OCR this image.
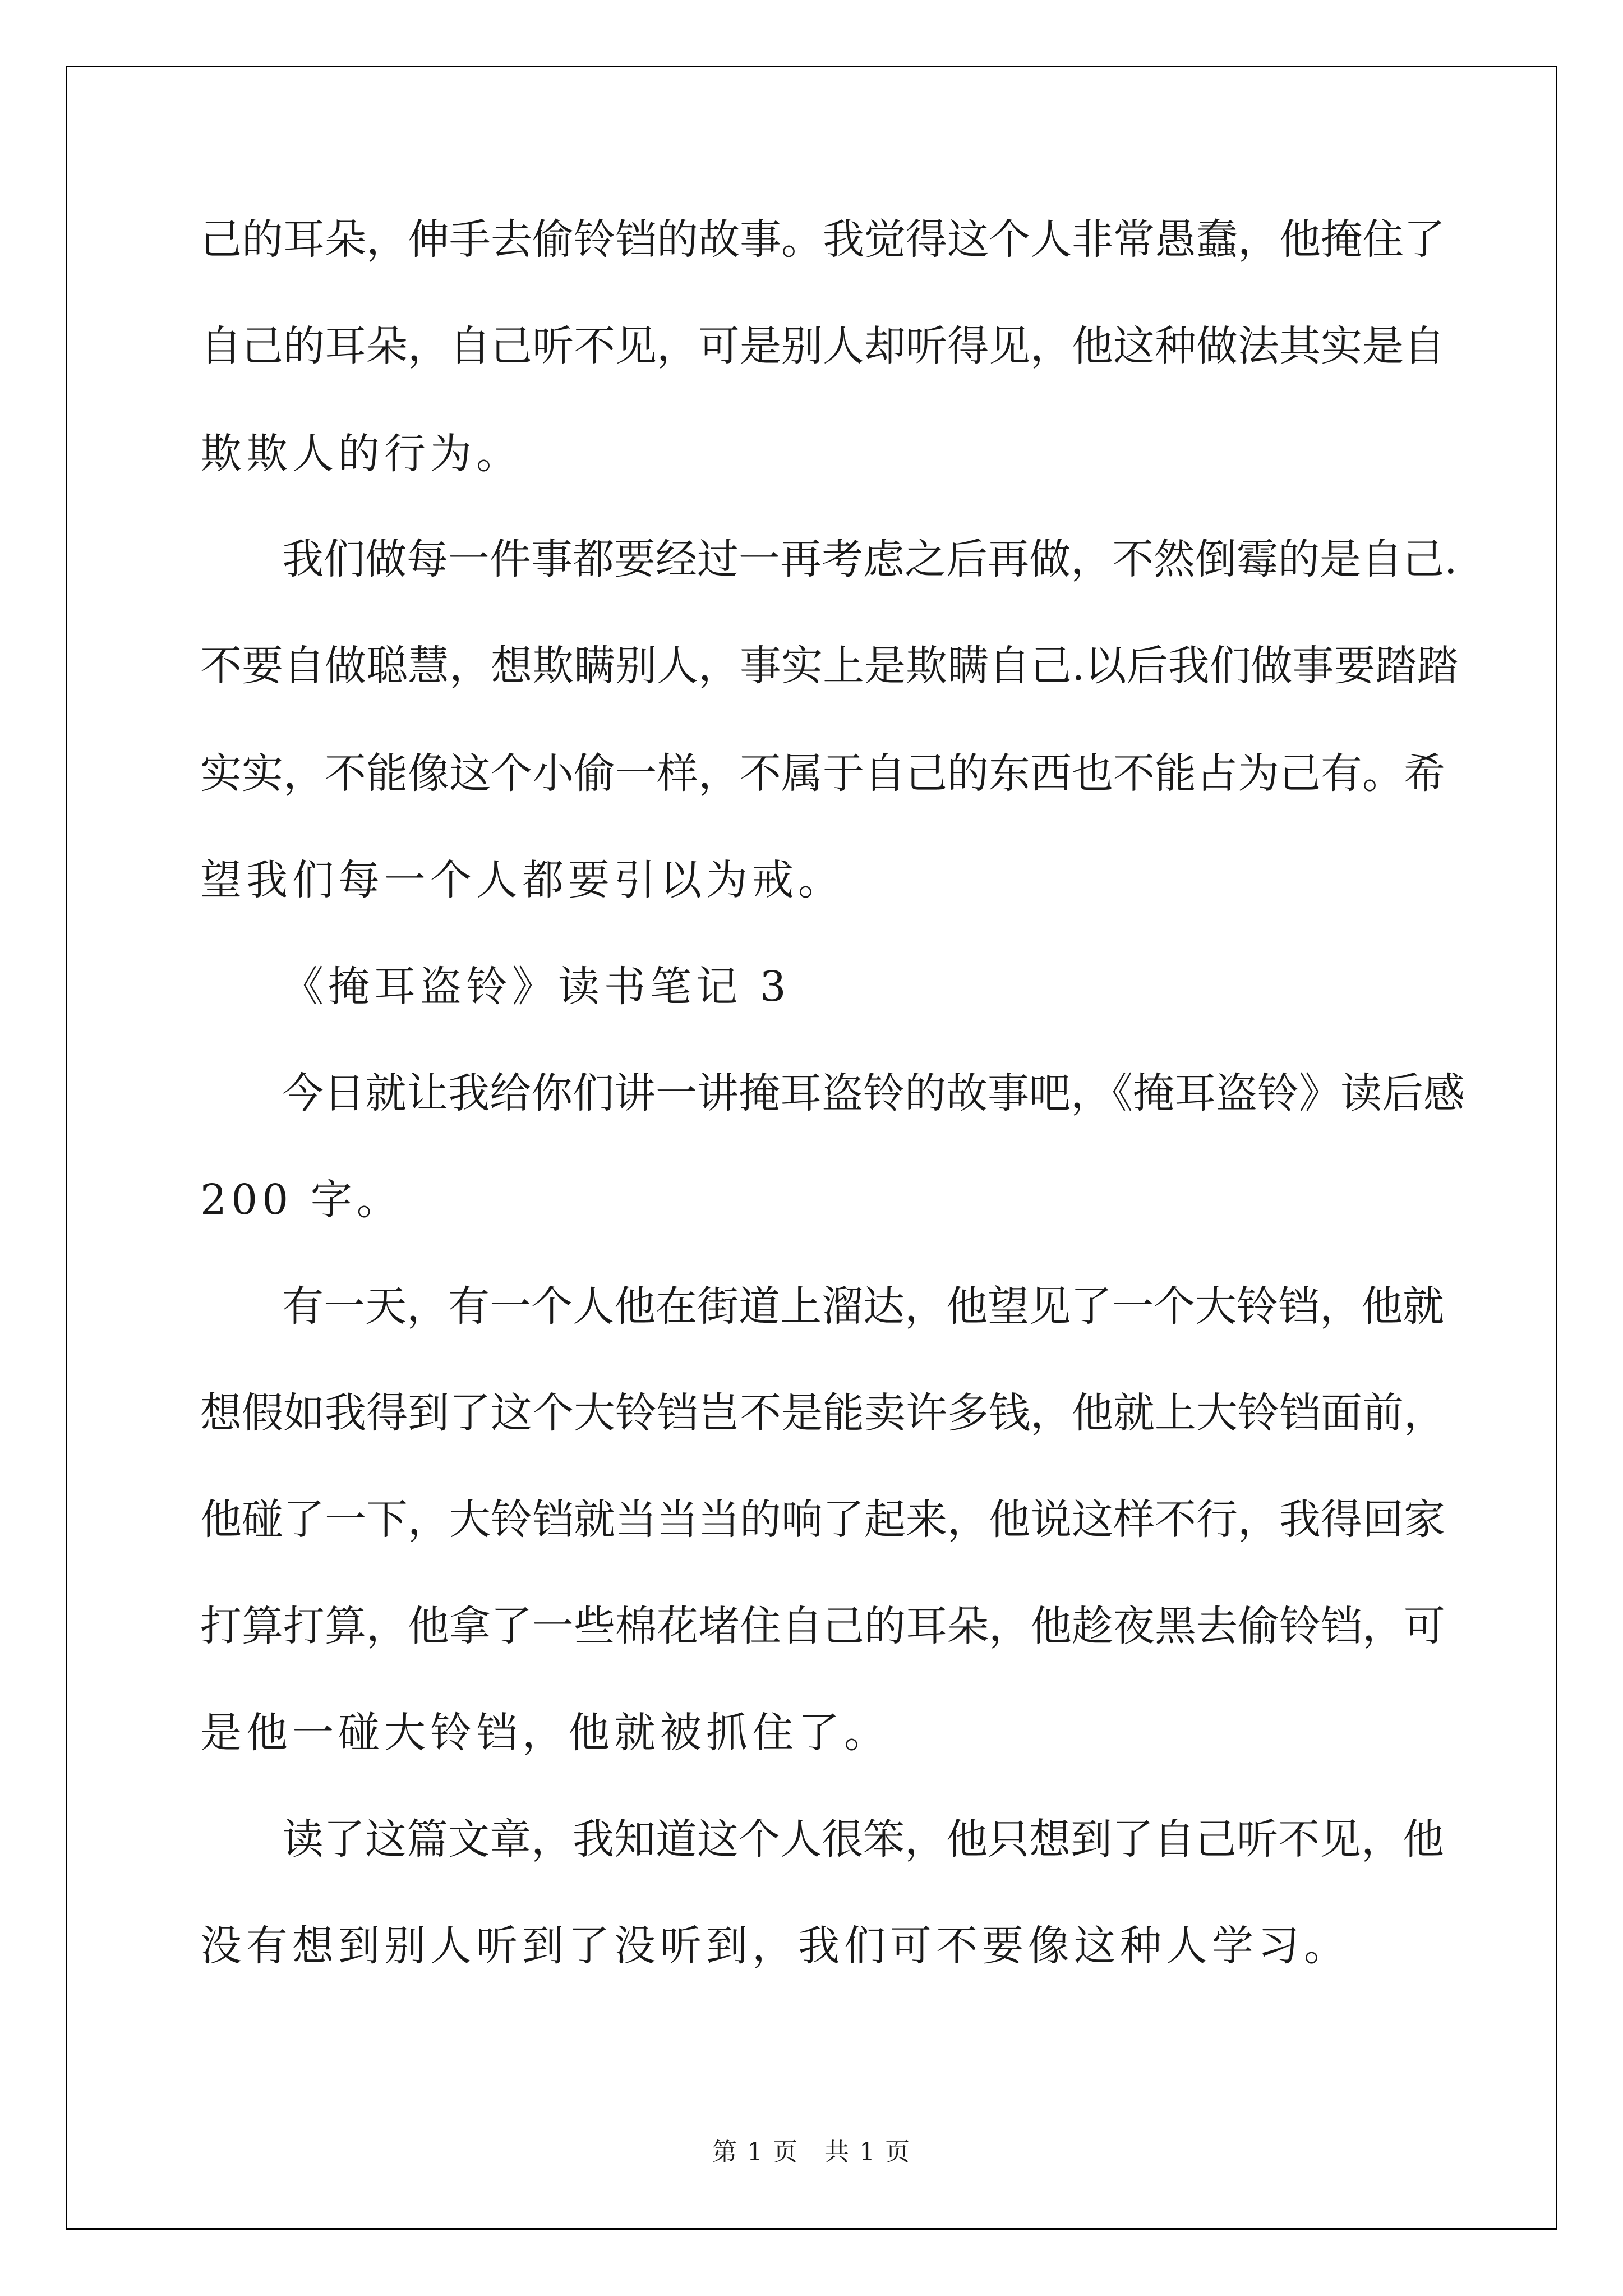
己的耳朵，伸手去偷铃铛的故事。我觉得这个人非常愚蠢，他掩住了
自己的耳朵，自己听不见，可是别人却听得见，他这种做法其实是自
欺欺人的行为。
我们做每一件事都要经过一再考虑之后再做，不然倒霉的是自己.
不要自做聪慧，想欺瞒别人，事实上是欺瞒自己.以后我们做事要踏踏
实实，不能像这个小偷一样，不属于自己的东西也不能占为己有。希
望我们每一个人都要引以为戒。
《掩耳盗铃》读书笔记 3
今日就让我给你们讲一讲掩耳盗铃的故事吧，《掩耳盗铃》读后感
200 字。
有一天，有一个人他在街道上溜达，他望见了一个大铃铛，他就
想假如我得到了这个大铃铛岂不是能卖许多钱，他就上大铃铛面前，
他碰了一下，大铃铛就当当当的响了起来，他说这样不行，我得回家
打算打算，他拿了一些棉花堵住自己的耳朵，他趁夜黑去偷铃铛，可
是他一碰大铃铛，他就被抓住了。
读了这篇文章，我知道这个人很笨，他只想到了自己听不见，他
没有想到别人听到了没听到，我们可不要像这种人学习。
第 1 页　共 1 页
